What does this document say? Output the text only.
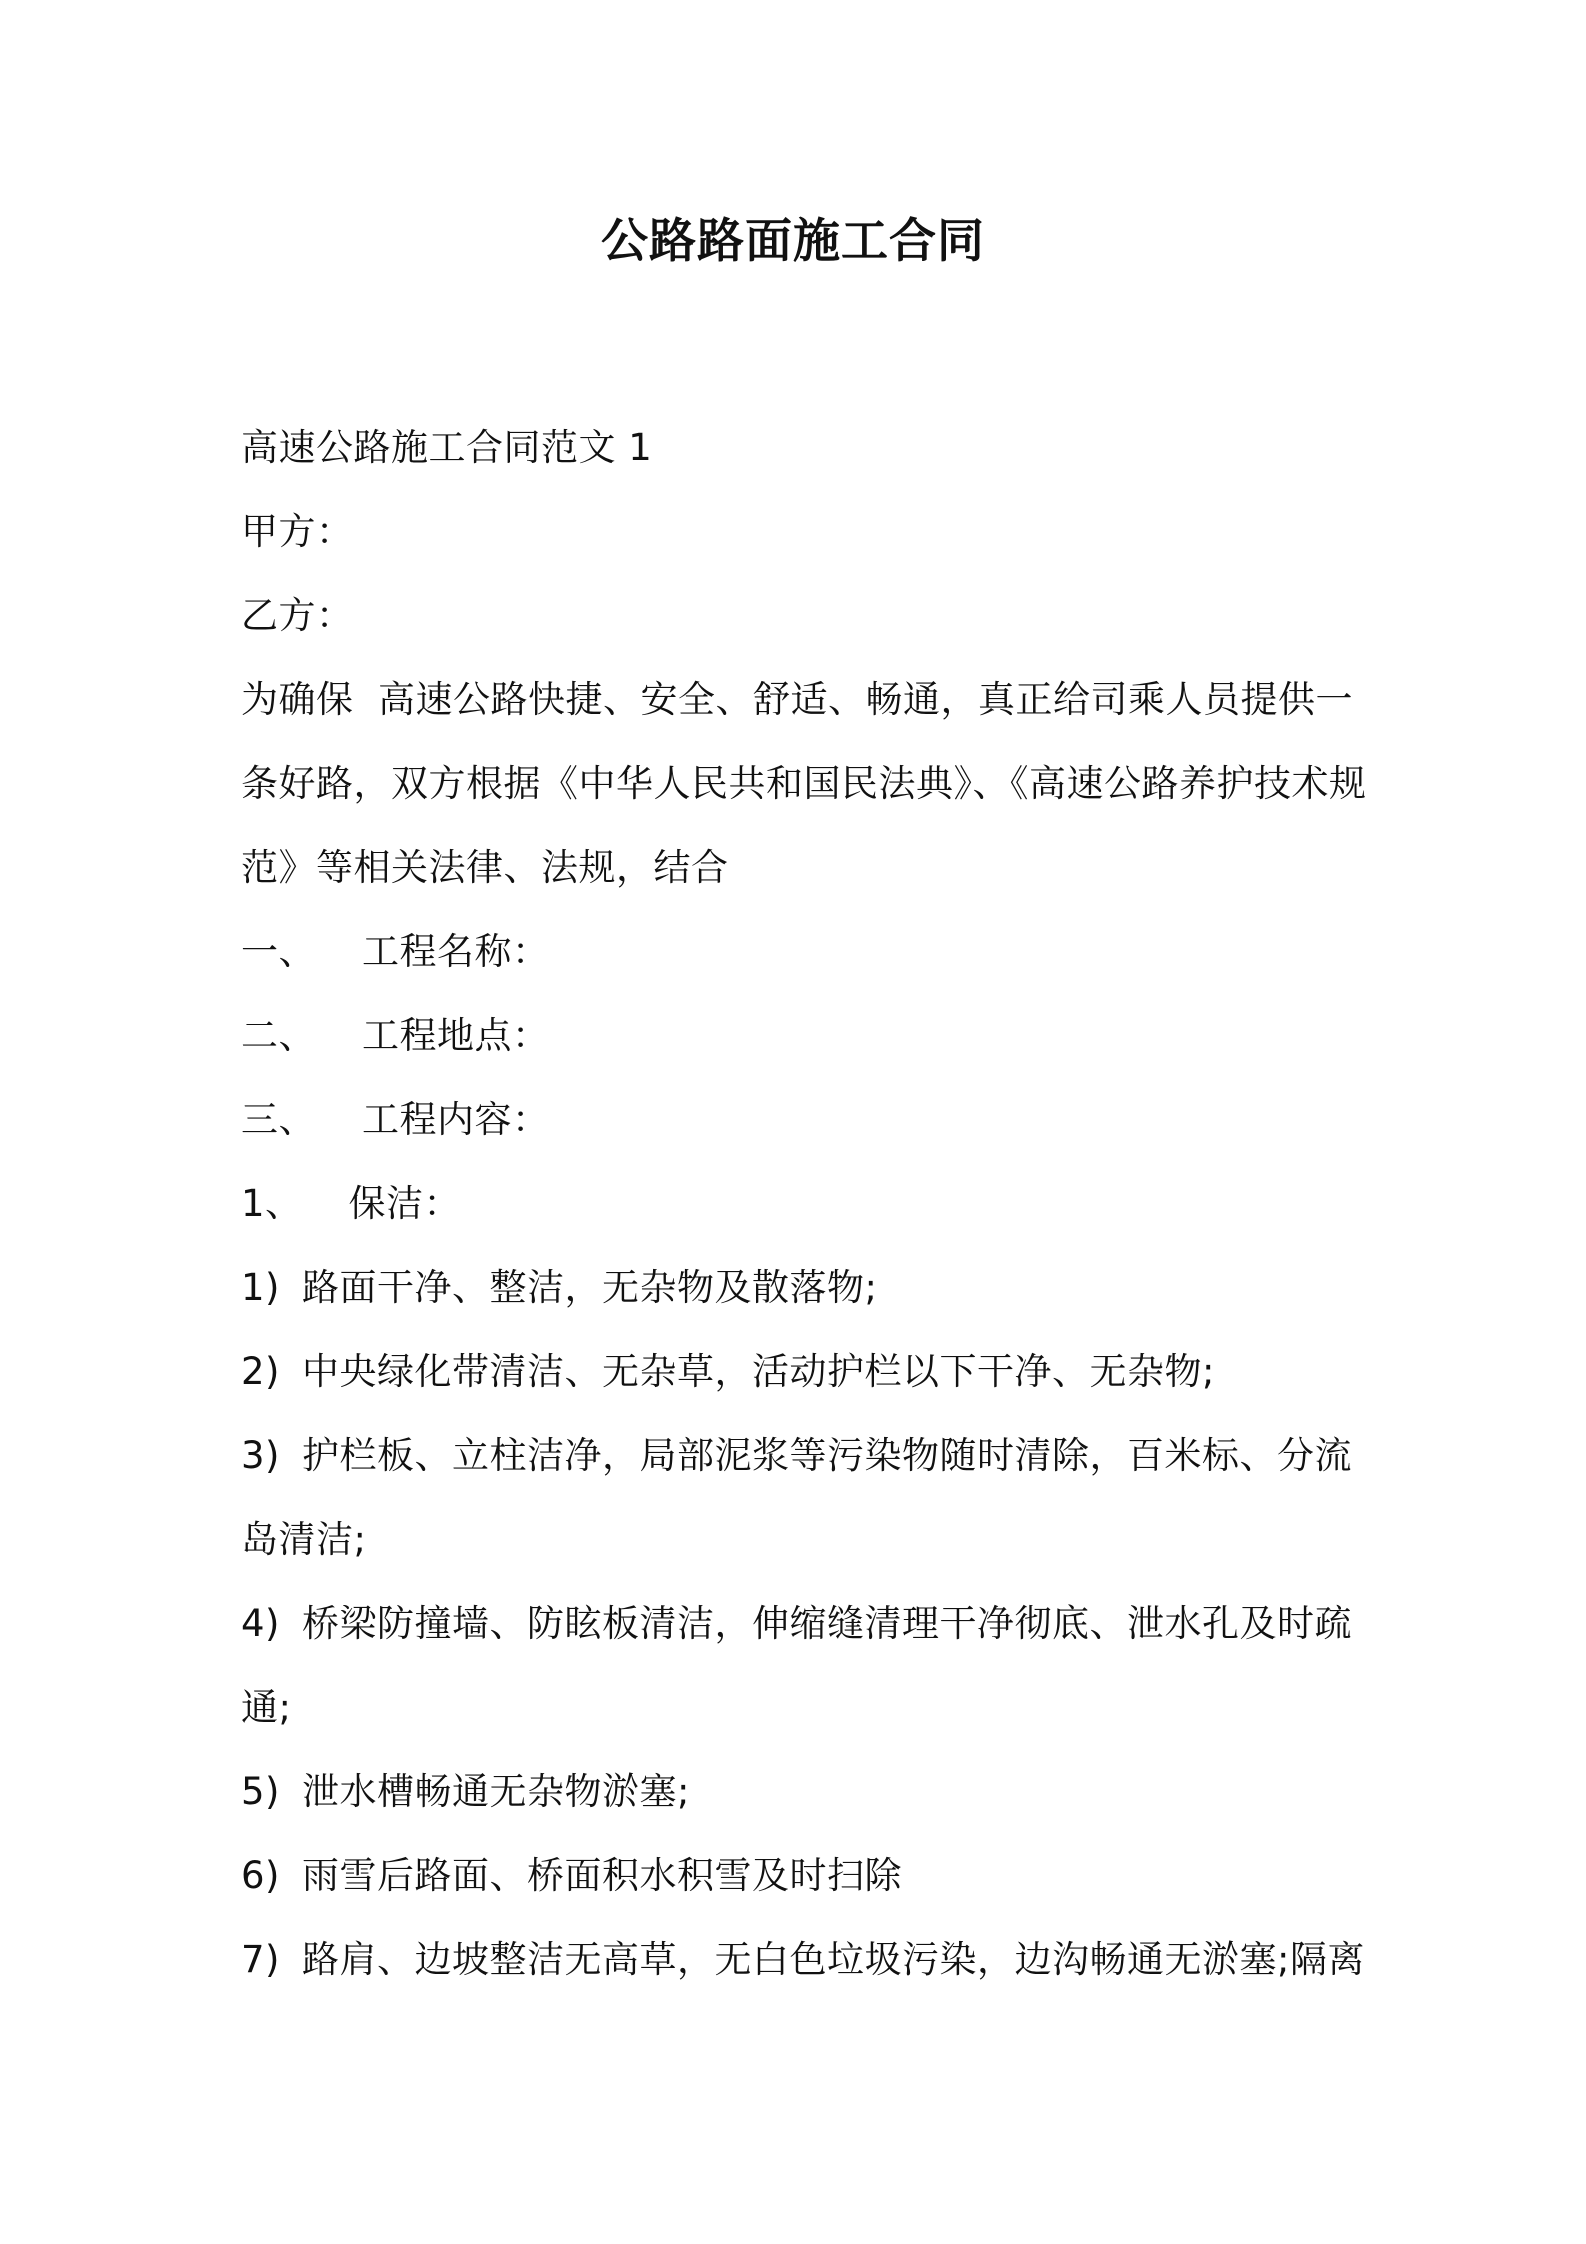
公路路面施工合同
高速公路施工合同范文 1
甲方：
乙方：
为确保  高速公路快捷、安全、舒适、畅通，真正给司乘人员提供一
条好路，双方根据《中华人民共和国民法典》、《高速公路养护技术规
范》等相关法律、法规，结合
一、 工程名称：
二、 工程地点：
三、 工程内容：
1、 保洁：
1) 路面干净、整洁，无杂物及散落物;
2) 中央绿化带清洁、无杂草，活动护栏以下干净、无杂物;
3) 护栏板、立柱洁净，局部泥浆等污染物随时清除，百米标、分流
岛清洁;
4) 桥梁防撞墙、防眩板清洁，伸缩缝清理干净彻底、泄水孔及时疏
通;
5) 泄水槽畅通无杂物淤塞;
6) 雨雪后路面、桥面积水积雪及时扫除
7) 路肩、边坡整洁无高草，无白色垃圾污染，边沟畅通无淤塞;隔离
